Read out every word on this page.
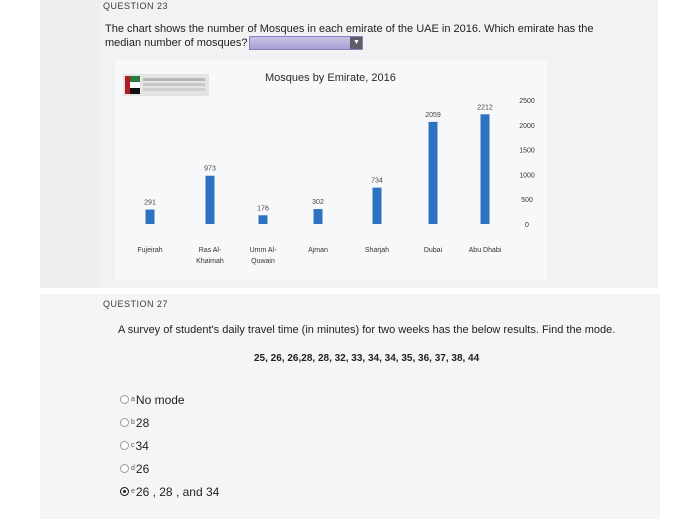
QUESTION 23
The chart shows the number of Mosques in each emirate of the UAE in 2016. Which emirate has the median number of mosques?	▼
Mosques by Emirate, 2016
291
Fujeirah
973
Ras Al-
Khaimah
176
Umm Al-
Quwain
302
Ajman
734
Sharjah
2059
Dubai
2212
Abu Dhabi
0
500
1000
1500
2000
2500
QUESTION 27
A survey of student's daily travel time (in minutes) for two weeks has the below results. Find the mode.
25, 26, 26,28, 28, 32, 33, 34, 34, 35, 36, 37, 38, 44
a No mode
b 28
c 34
d 26
e 26 , 28 , and 34
